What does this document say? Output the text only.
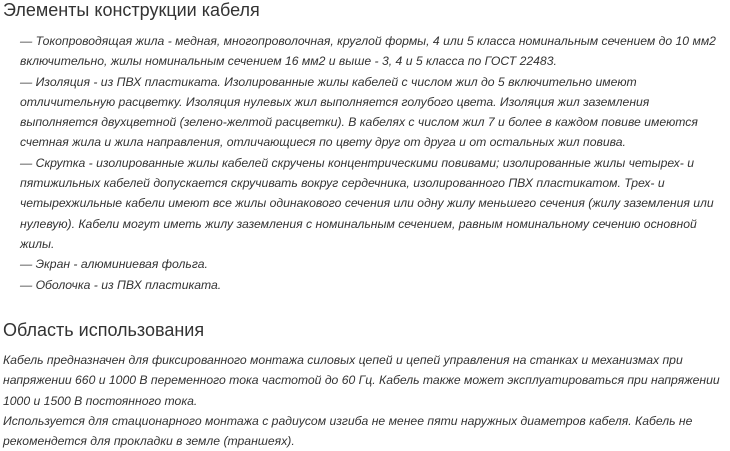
Элементы конструкции кабеля

— Токопроводящая жила - медная, многопроволочная, круглой формы, 4 или 5 класса номинальным сечением до 10 мм2 включительно, жилы номинальным сечением 16 мм2 и выше - 3, 4 и 5 класса по ГОСТ 22483.

— Изоляция - из ПВХ пластиката. Изолированные жилы кабелей с числом жил до 5 включительно имеют отличительную расцветку. Изоляция нулевых жил выполняется голубого цвета. Изоляция жил заземления выполняется двухцветной (зелено-желтой расцветки). В кабелях с числом жил 7 и более в каждом повиве имеются счетная жила и жила направления, отличающиеся по цвету друг от друга и от остальных жил повива.

— Скрутка - изолированные жилы кабелей скручены концентрическими повивами; изолированные жилы четырех- и пятижильных кабелей допускается скручивать вокруг сердечника, изолированного ПВХ пластикатом. Трех- и четырехжильные кабели имеют все жилы одинакового сечения или одну жилу меньшего сечения (жилу заземления или нулевую). Кабели могут иметь жилу заземления с номинальным сечением, равным номинальному сечению основной жилы.

— Экран - алюминиевая фольга.

— Оболочка - из ПВХ пластиката.

Область использования

Кабель предназначен для фиксированного монтажа силовых цепей и цепей управления на станках и механизмах при напряжении 660 и 1000 В переменного тока частотой до 60 Гц. Кабель также может эксплуатироваться при напряжении 1000 и 1500 В постоянного тока.

Используется для стационарного монтажа с радиусом изгиба не менее пяти наружных диаметров кабеля. Кабель не рекомендется для прокладки в земле (траншеях).
